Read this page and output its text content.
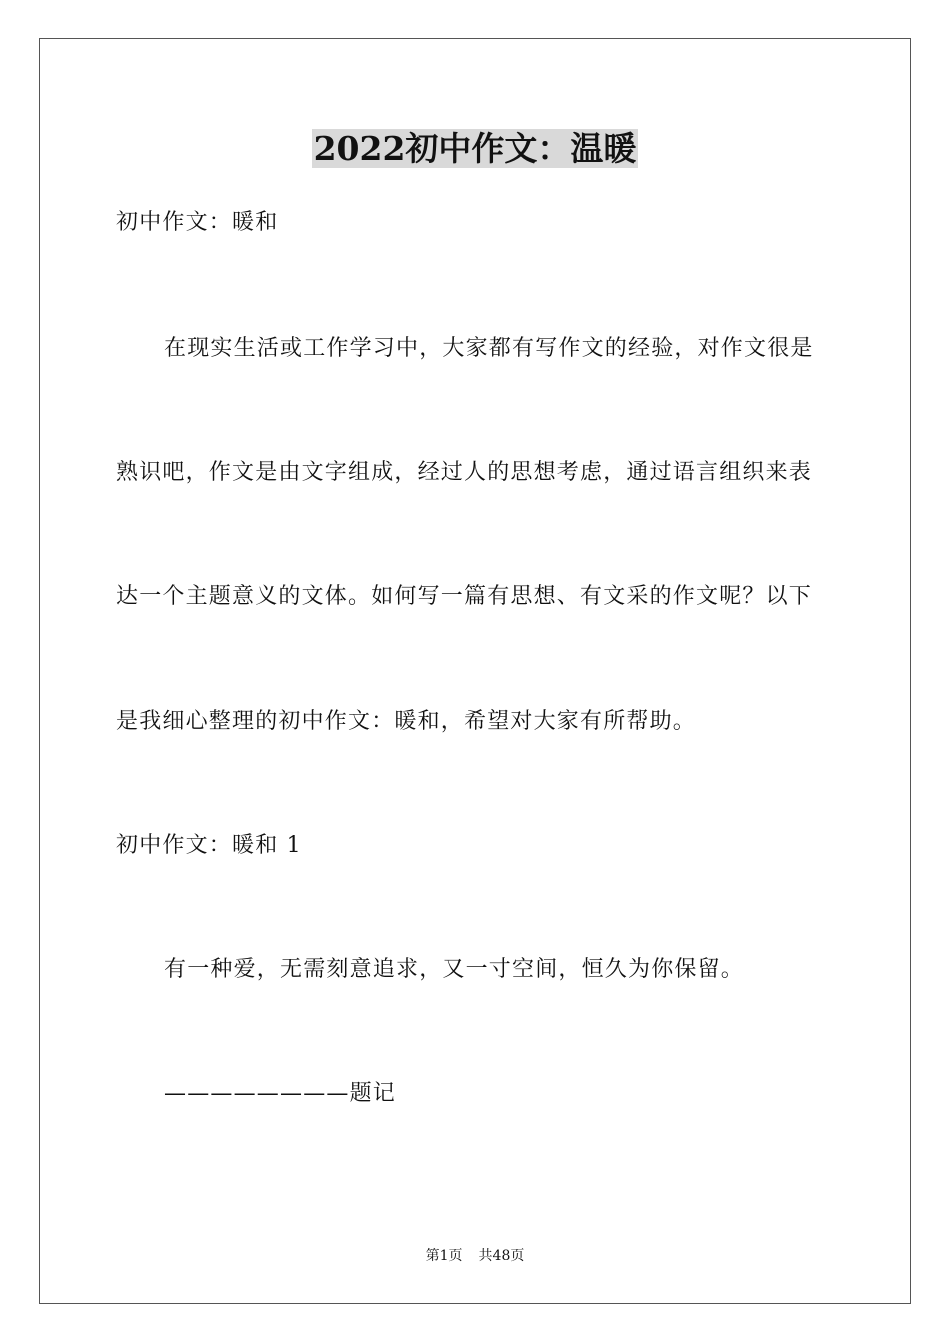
2022初中作文：温暖
初中作文：暖和
在现实生活或工作学习中，大家都有写作文的经验，对作文很是
熟识吧，作文是由文字组成，经过人的思想考虑，通过语言组织来表
达一个主题意义的文体。如何写一篇有思想、有文采的作文呢？以下
是我细心整理的初中作文：暖和，希望对大家有所帮助。
初中作文：暖和 1
有一种爱，无需刻意追求，又一寸空间，恒久为你保留。
————————题记
第1页 共48页
